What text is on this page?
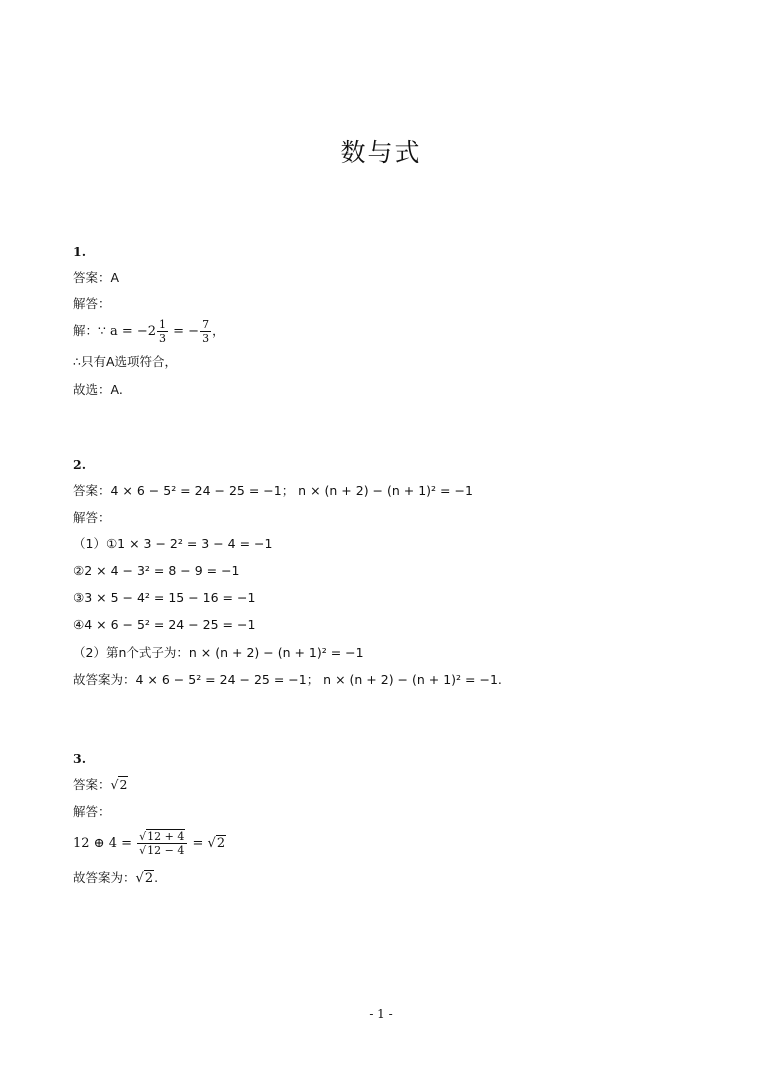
数与式
1.
答案：A
解答：
解：∵ $a = -2 \frac{1}{3}$ = − $\frac{7}{3}$ ，
∴只有A选项符合，
故选：A.
2.
答案：4 × 6 − 5² = 24 − 25 = −1； n × (n + 2) − (n + 1)² = −1
解答：
（1）①1 × 3 − 2² = 3 − 4 = −1
②2 × 4 − 3² = 8 − 9 = −1
③3 × 5 − 4² = 15 − 16 = −1
④4 × 6 − 5² = 24 − 25 = −1
（2）第n个式子为：n × (n + 2) − (n + 1)² = −1
故答案为：4 × 6 − 5² = 24 − 25 = −1； n × (n + 2) − (n + 1)² = −1.
3.
答案：√2
解答：
12 ⊕ $4 = \frac{√12 + 4}{√12 - 4} = √2$
故答案为：√2.
- 1 -
